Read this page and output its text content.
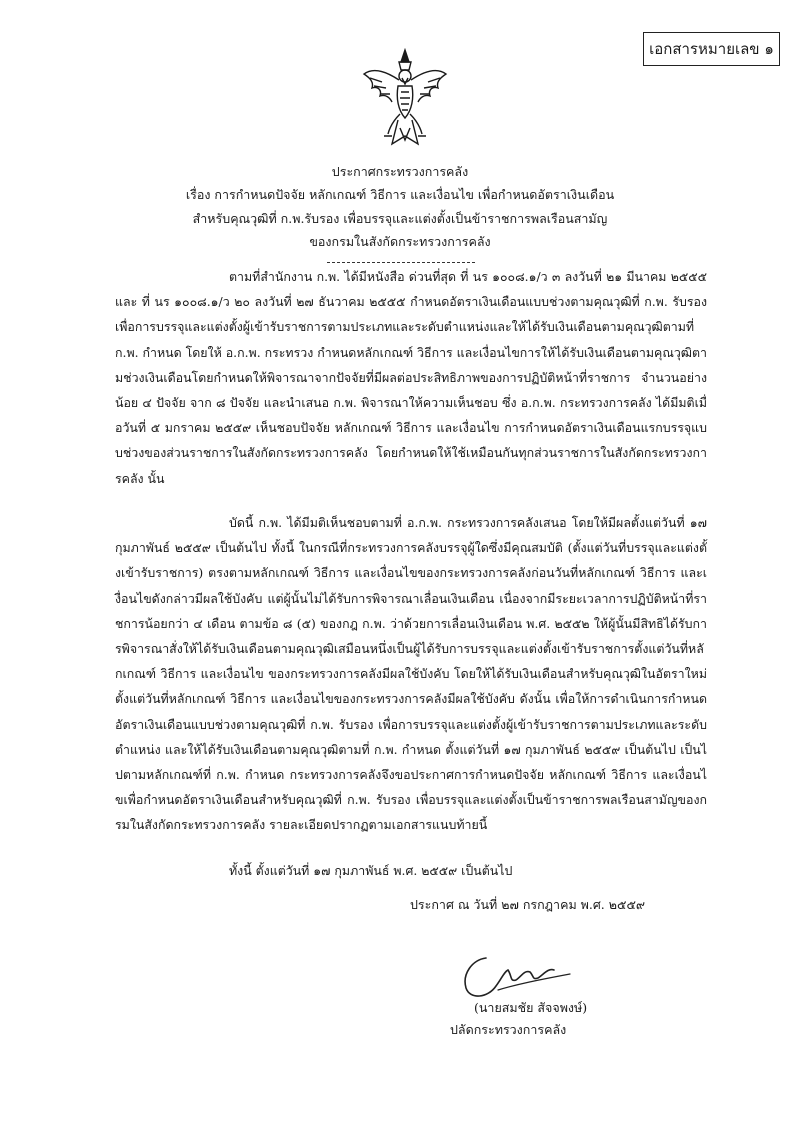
เอกสารหมายเลข ๑
ประกาศกระทรวงการคลัง
เรื่อง การกำหนดปัจจัย หลักเกณฑ์ วิธีการ และเงื่อนไข เพื่อกำหนดอัตราเงินเดือน
สำหรับคุณวุฒิที่ ก.พ.รับรอง เพื่อบรรจุและแต่งตั้งเป็นข้าราชการพลเรือนสามัญ
ของกรมในสังกัดกระทรวงการคลัง

ตามที่สำนักงาน ก.พ. ได้มีหนังสือ ด่วนที่สุด ที่ นร ๑๐๐๘.๑/ว ๓ ลงวันที่ ๒๑ มีนาคม ๒๕๕๕ และ ที่ นร ๑๐๐๘.๑/ว ๒๐ ลงวันที่ ๒๗ ธันวาคม ๒๕๕๕ กำหนดอัตราเงินเดือนแบบช่วงตามคุณวุฒิที่ ก.พ. รับรอง เพื่อการบรรจุและแต่งตั้งผู้เข้ารับราชการตามประเภทและระดับตำแหน่งและให้ได้รับเงินเดือนตามคุณวุฒิตามที่ ก.พ. กำหนด โดยให้ อ.ก.พ. กระทรวง กำหนดหลักเกณฑ์ วิธีการ และเงื่อนไขการให้ได้รับเงินเดือนตามคุณวุฒิตามช่วงเงินเดือนโดยกำหนดให้พิจารณาจากปัจจัยที่มีผลต่อประสิทธิภาพของการปฏิบัติหน้าที่ราชการ จำนวนอย่างน้อย ๔ ปัจจัย จาก ๘ ปัจจัย และนำเสนอ ก.พ. พิจารณาให้ความเห็นชอบ ซึ่ง อ.ก.พ. กระทรวงการคลัง ได้มีมติเมื่อวันที่ ๕ มกราคม ๒๕๕๙ เห็นชอบปัจจัย หลักเกณฑ์ วิธีการ และเงื่อนไข การกำหนดอัตราเงินเดือนแรกบรรจุแบบช่วงของส่วนราชการในสังกัดกระทรวงการคลัง โดยกำหนดให้ใช้เหมือนกันทุกส่วนราชการในสังกัดกระทรวงการคลัง นั้น

บัดนี้ ก.พ. ได้มีมติเห็นชอบตามที่ อ.ก.พ. กระทรวงการคลังเสนอ โดยให้มีผลตั้งแต่วันที่ ๑๗ กุมภาพันธ์ ๒๕๕๙ เป็นต้นไป ทั้งนี้ ในกรณีที่กระทรวงการคลังบรรจุผู้ใดซึ่งมีคุณสมบัติ (ตั้งแต่วันที่บรรจุและแต่งตั้งเข้ารับราชการ) ตรงตามหลักเกณฑ์ วิธีการ และเงื่อนไขของกระทรวงการคลังก่อนวันที่หลักเกณฑ์ วิธีการ และเงื่อนไขดังกล่าวมีผลใช้บังคับ แต่ผู้นั้นไม่ได้รับการพิจารณาเลื่อนเงินเดือน เนื่องจากมีระยะเวลาการปฏิบัติหน้าที่ราชการน้อยกว่า ๔ เดือน ตามข้อ ๘ (๕) ของกฎ ก.พ. ว่าด้วยการเลื่อนเงินเดือน พ.ศ. ๒๕๕๒ ให้ผู้นั้นมีสิทธิได้รับการพิจารณาสั่งให้ได้รับเงินเดือนตามคุณวุฒิเสมือนหนึ่งเป็นผู้ได้รับการบรรจุและแต่งตั้งเข้ารับราชการตั้งแต่วันที่หลักเกณฑ์ วิธีการ และเงื่อนไข ของกระทรวงการคลังมีผลใช้บังคับ โดยให้ได้รับเงินเดือนสำหรับคุณวุฒิในอัตราใหม่ ตั้งแต่วันที่หลักเกณฑ์ วิธีการ และเงื่อนไขของกระทรวงการคลังมีผลใช้บังคับ ดังนั้น เพื่อให้การดำเนินการกำหนดอัตราเงินเดือนแบบช่วงตามคุณวุฒิที่ ก.พ. รับรอง เพื่อการบรรจุและแต่งตั้งผู้เข้ารับราชการตามประเภทและระดับตำแหน่ง และให้ได้รับเงินเดือนตามคุณวุฒิตามที่ ก.พ. กำหนด ตั้งแต่วันที่ ๑๗ กุมภาพันธ์ ๒๕๕๙ เป็นต้นไป เป็นไปตามหลักเกณฑ์ที่ ก.พ. กำหนด กระทรวงการคลังจึงขอประกาศการกำหนดปัจจัย หลักเกณฑ์ วิธีการ และเงื่อนไขเพื่อกำหนดอัตราเงินเดือนสำหรับคุณวุฒิที่ ก.พ. รับรอง เพื่อบรรจุและแต่งตั้งเป็นข้าราชการพลเรือนสามัญของกรมในสังกัดกระทรวงการคลัง รายละเอียดปรากฏตามเอกสารแนบท้ายนี้

ทั้งนี้ ตั้งแต่วันที่ ๑๗ กุมภาพันธ์ พ.ศ. ๒๕๕๙ เป็นต้นไป

ประกาศ ณ วันที่ ๒๗ กรกฎาคม พ.ศ. ๒๕๕๙
(นายสมชัย สัจจพงษ์)
ปลัดกระทรวงการคลัง
